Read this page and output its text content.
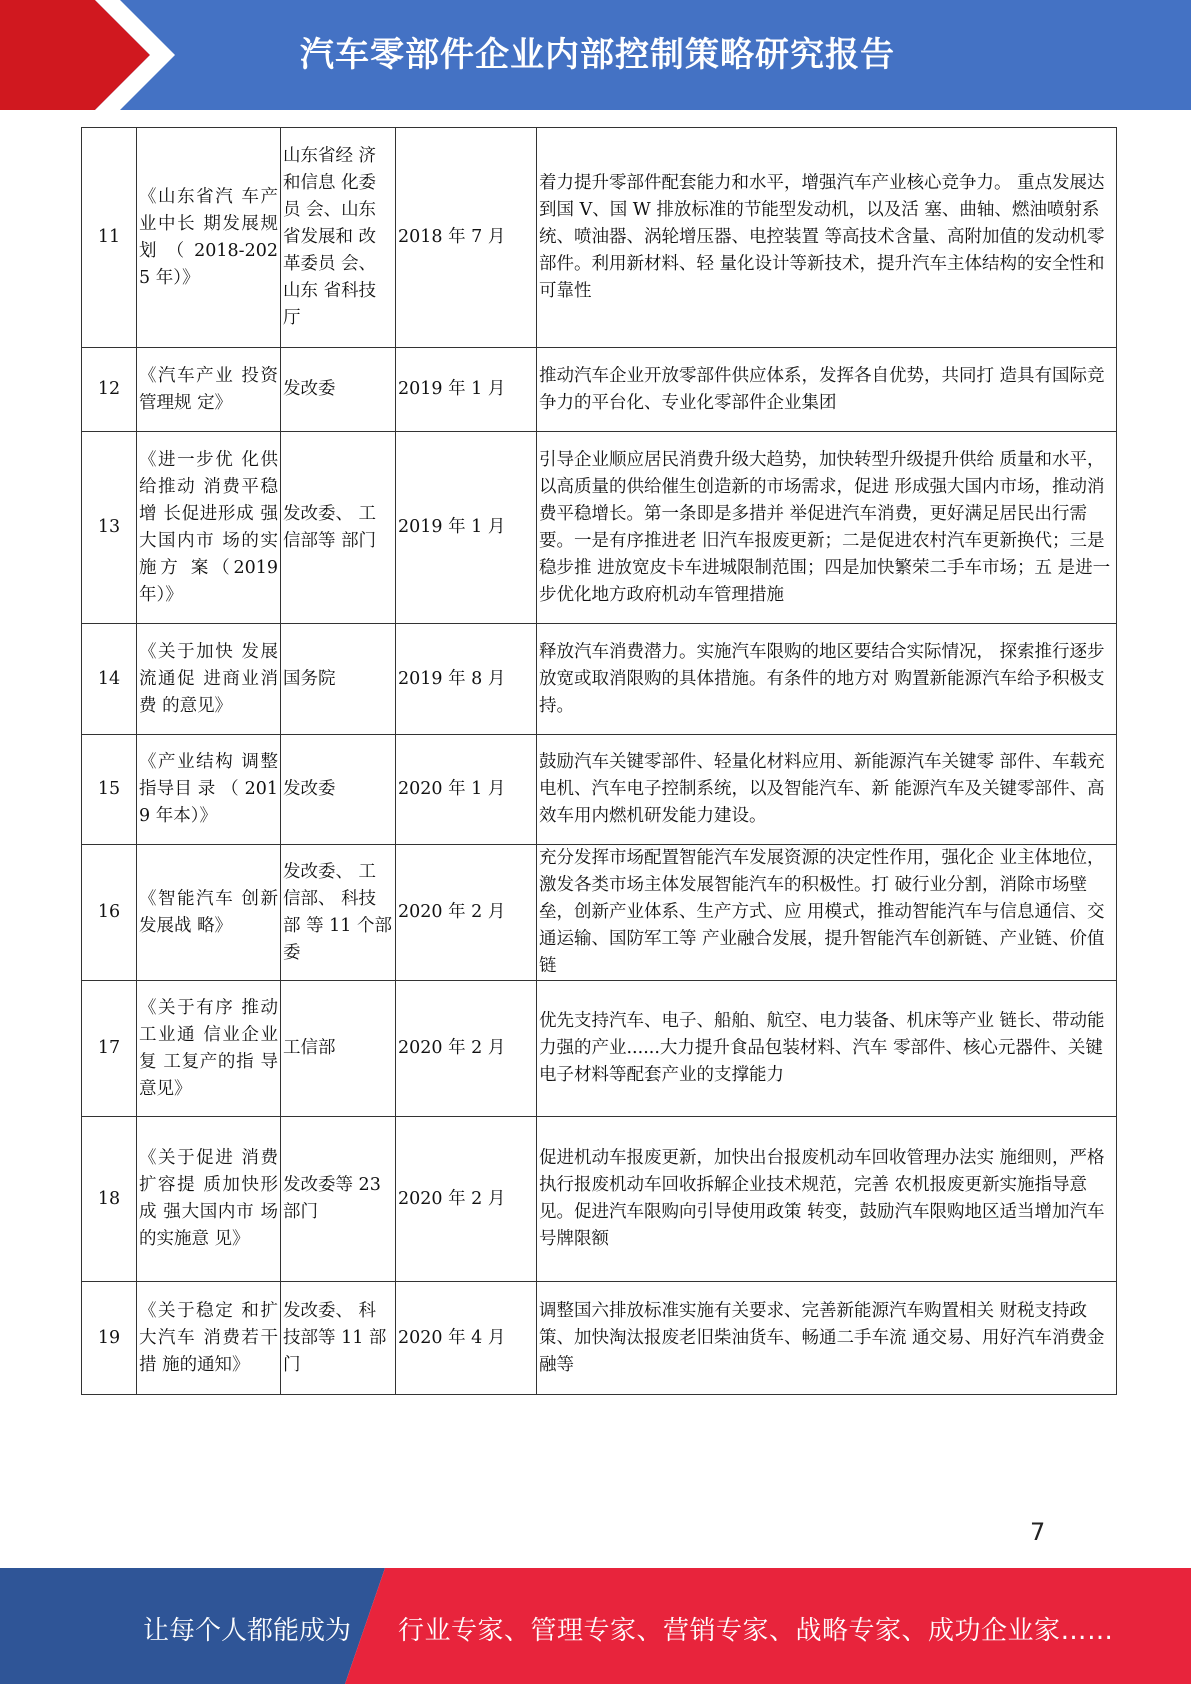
汽车零部件企业内部控制策略研究报告
11	《山东省汽 车产业中长 期发展规划 （ 2018-2025 年）》	山东省经 济和信息 化委员 会、山东省发展和 改革委员 会、山东 省科技厅	2018 年 7 月	着力提升零部件配套能力和水平，增强汽车产业核心竞争力。 重点发展达到国 V、国 W 排放标准的节能型发动机，以及活 塞、曲轴、燃油喷射系统、喷油器、涡轮增压器、电控装置 等高技术含量、高附加值的发动机零部件。利用新材料、轻 量化设计等新技术，提升汽车主体结构的安全性和可靠性
12	《汽车产业 投资管理规 定》	发改委	2019 年 1 月	推动汽车企业开放零部件供应体系，发挥各自优势，共同打 造具有国际竞争力的平台化、专业化零部件企业集团
13	《进一步优 化供给推动 消费平稳增 长促进形成 强大国内市 场的实施方 案（2019 年）》	发改委、 工信部等 部门	2019 年 1 月	引导企业顺应居民消费升级大趋势，加快转型升级提升供给 质量和水平，以高质量的供给催生创造新的市场需求，促进 形成强大国内市场，推动消费平稳增长。第一条即是多措并 举促进汽车消费，更好满足居民出行需要。一是有序推进老 旧汽车报废更新；二是促进农村汽车更新换代；三是稳步推 进放宽皮卡车进城限制范围；四是加快繁荣二手车市场；五 是进一步优化地方政府机动车管理措施
14	《关于加快 发展流通促 进商业消费 的意见》	国务院	2019 年 8 月	释放汽车消费潜力。实施汽车限购的地区要结合实际情况， 探索推行逐步放宽或取消限购的具体措施。有条件的地方对 购置新能源汽车给予积极支持。
15	《产业结构 调整指导目 录 （ 2019 年本）》	发改委	2020 年 1 月	鼓励汽车关键零部件、轻量化材料应用、新能源汽车关键零 部件、车载充电机、汽车电子控制系统，以及智能汽车、新 能源汽车及关键零部件、高效车用内燃机研发能力建设。
16	《智能汽车 创新发展战 略》	发改委、 工信部、 科技部 等 11 个部委	2020 年 2 月	充分发挥市场配置智能汽车发展资源的决定性作用，强化企 业主体地位，激发各类市场主体发展智能汽车的积极性。打 破行业分割，消除市场壁垒，创新产业体系、生产方式、应 用模式，推动智能汽车与信息通信、交通运输、国防军工等 产业融合发展，提升智能汽车创新链、产业链、价值链
17	《关于有序 推动工业通 信业企业复 工复产的指 导意见》	工信部	2020 年 2 月	优先支持汽车、电子、船舶、航空、电力装备、机床等产业 链长、带动能力强的产业......大力提升食品包装材料、汽车 零部件、核心元器件、关键电子材料等配套产业的支撑能力
18	《关于促进 消费扩容提 质加快形成 强大国内市 场的实施意 见》	发改委等 23 部门	2020 年 2 月	促进机动车报废更新，加快出台报废机动车回收管理办法实 施细则，严格执行报废机动车回收拆解企业技术规范，完善 农机报废更新实施指导意见。促进汽车限购向引导使用政策 转变，鼓励汽车限购地区适当增加汽车号牌限额
19	《关于稳定 和扩大汽车 消费若干措 施的通知》	发改委、 科技部等 11 部门	2020 年 4 月	调整国六排放标准实施有关要求、完善新能源汽车购置相关 财税支持政策、加快淘汰报废老旧柴油货车、畅通二手车流 通交易、用好汽车消费金融等
7
让每个人都能成为 行业专家、管理专家、营销专家、战略专家、成功企业家……
